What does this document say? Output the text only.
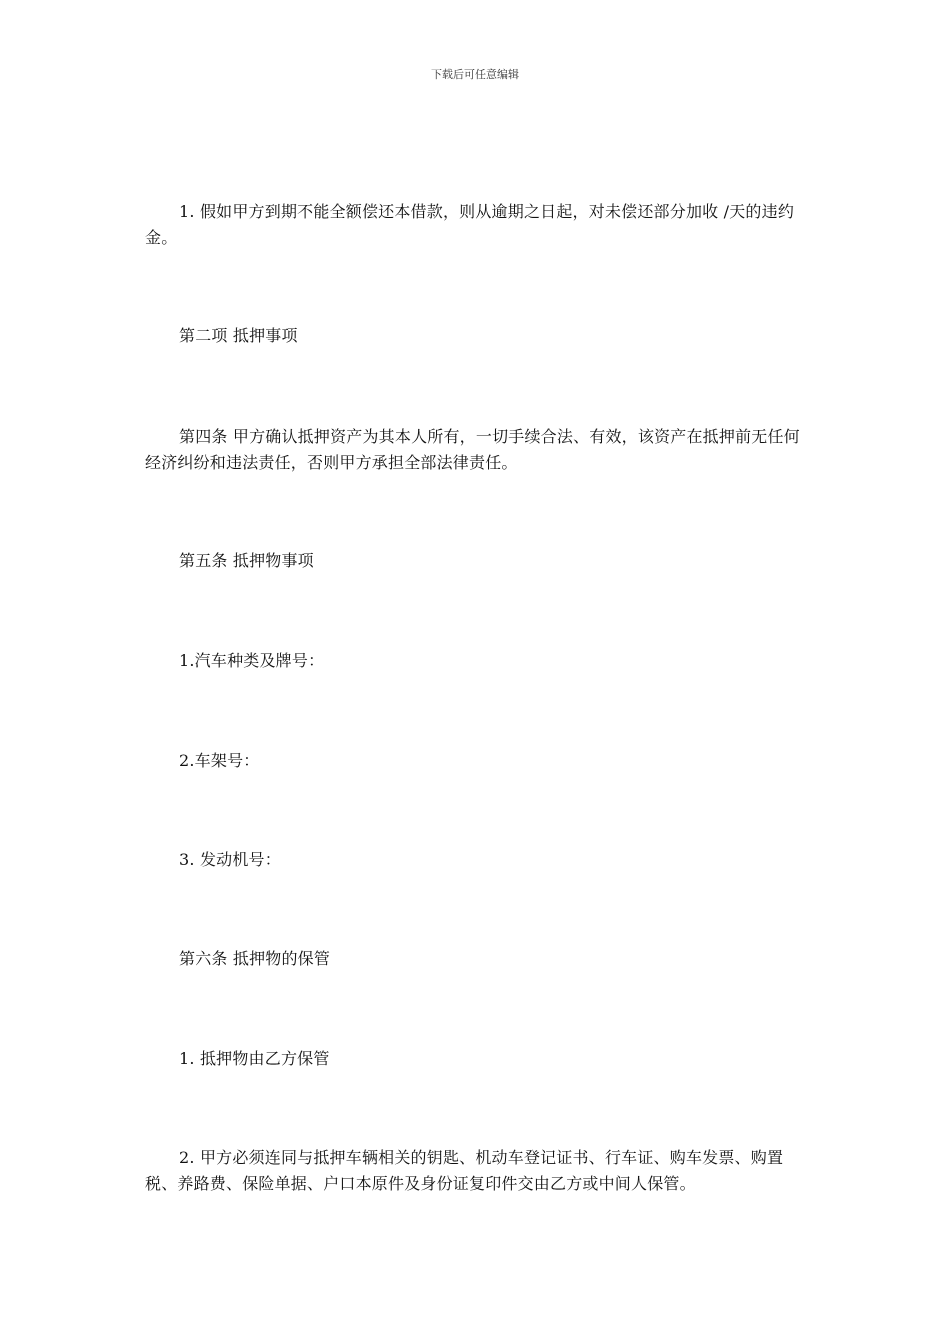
下载后可任意编辑

1. 假如甲方到期不能全额偿还本借款，则从逾期之日起，对未偿还部分加收 /天的违约金。

第二项 抵押事项

第四条 甲方确认抵押资产为其本人所有，一切手续合法、有效，该资产在抵押前无任何经济纠纷和违法责任，否则甲方承担全部法律责任。

第五条 抵押物事项

1.汽车种类及牌号：

2.车架号：

3. 发动机号：

第六条 抵押物的保管

1. 抵押物由乙方保管

2. 甲方必须连同与抵押车辆相关的钥匙、机动车登记证书、行车证、购车发票、购置税、养路费、保险单据、户口本原件及身份证复印件交由乙方或中间人保管。
